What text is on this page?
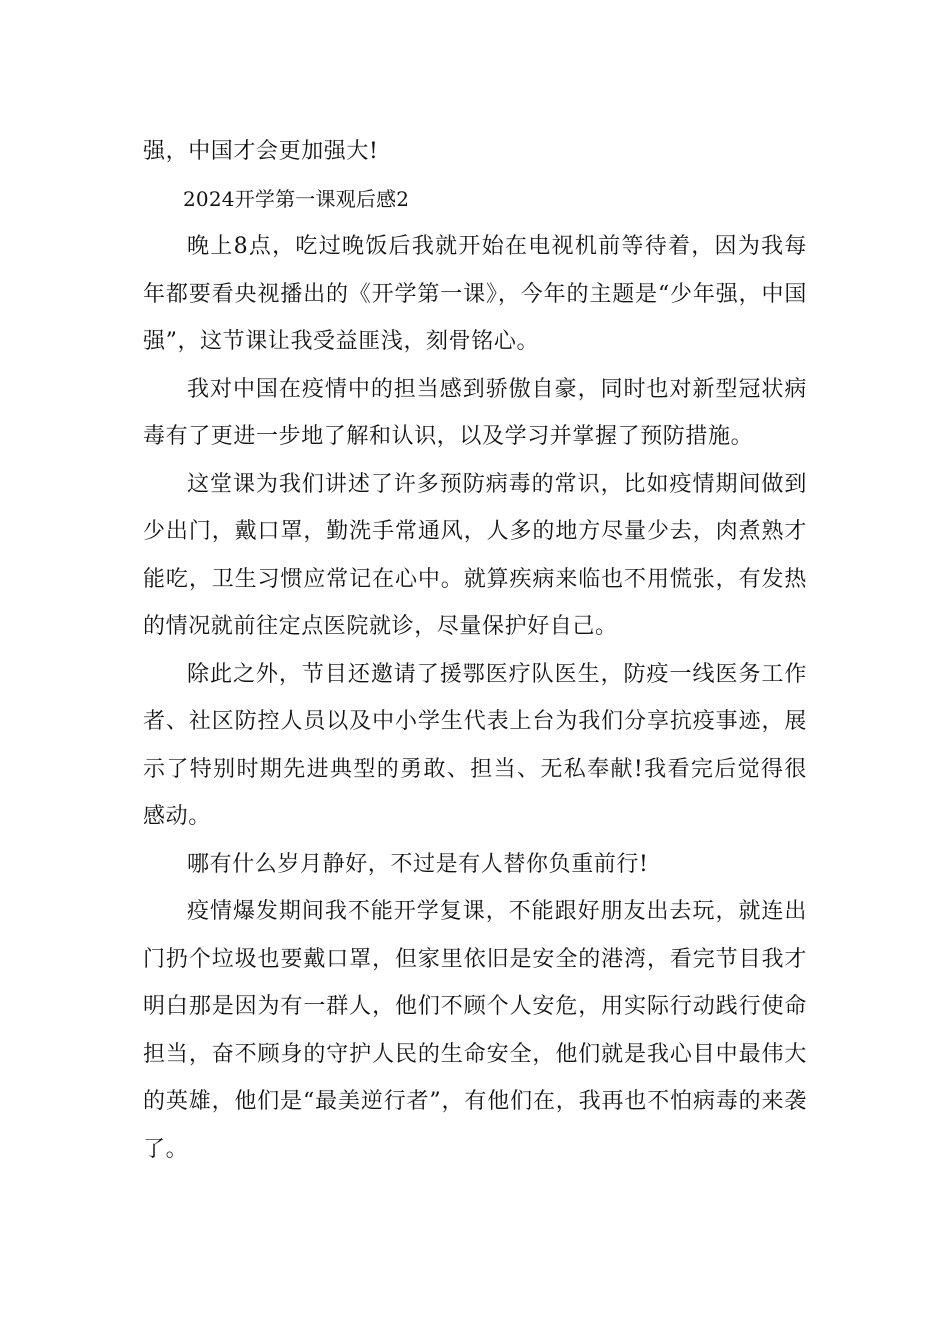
强，中国才会更加强大!

2024开学第一课观后感2

晚上8点，吃过晚饭后我就开始在电视机前等待着，因为我每年都要看央视播出的《开学第一课》，今年的主题是“少年强，中国强”，这节课让我受益匪浅，刻骨铭心。

我对中国在疫情中的担当感到骄傲自豪，同时也对新型冠状病毒有了更进一步地了解和认识，以及学习并掌握了预防措施。

这堂课为我们讲述了许多预防病毒的常识，比如疫情期间做到少出门，戴口罩，勤洗手常通风，人多的地方尽量少去，肉煮熟才能吃，卫生习惯应常记在心中。就算疾病来临也不用慌张，有发热的情况就前往定点医院就诊，尽量保护好自己。

除此之外，节目还邀请了援鄂医疗队医生，防疫一线医务工作者、社区防控人员以及中小学生代表上台为我们分享抗疫事迹，展示了特别时期先进典型的勇敢、担当、无私奉献!我看完后觉得很感动。

哪有什么岁月静好，不过是有人替你负重前行!

疫情爆发期间我不能开学复课，不能跟好朋友出去玩，就连出门扔个垃圾也要戴口罩，但家里依旧是安全的港湾，看完节目我才明白那是因为有一群人，他们不顾个人安危，用实际行动践行使命担当，奋不顾身的守护人民的生命安全，他们就是我心目中最伟大的英雄，他们是“最美逆行者”，有他们在，我再也不怕病毒的来袭了。
